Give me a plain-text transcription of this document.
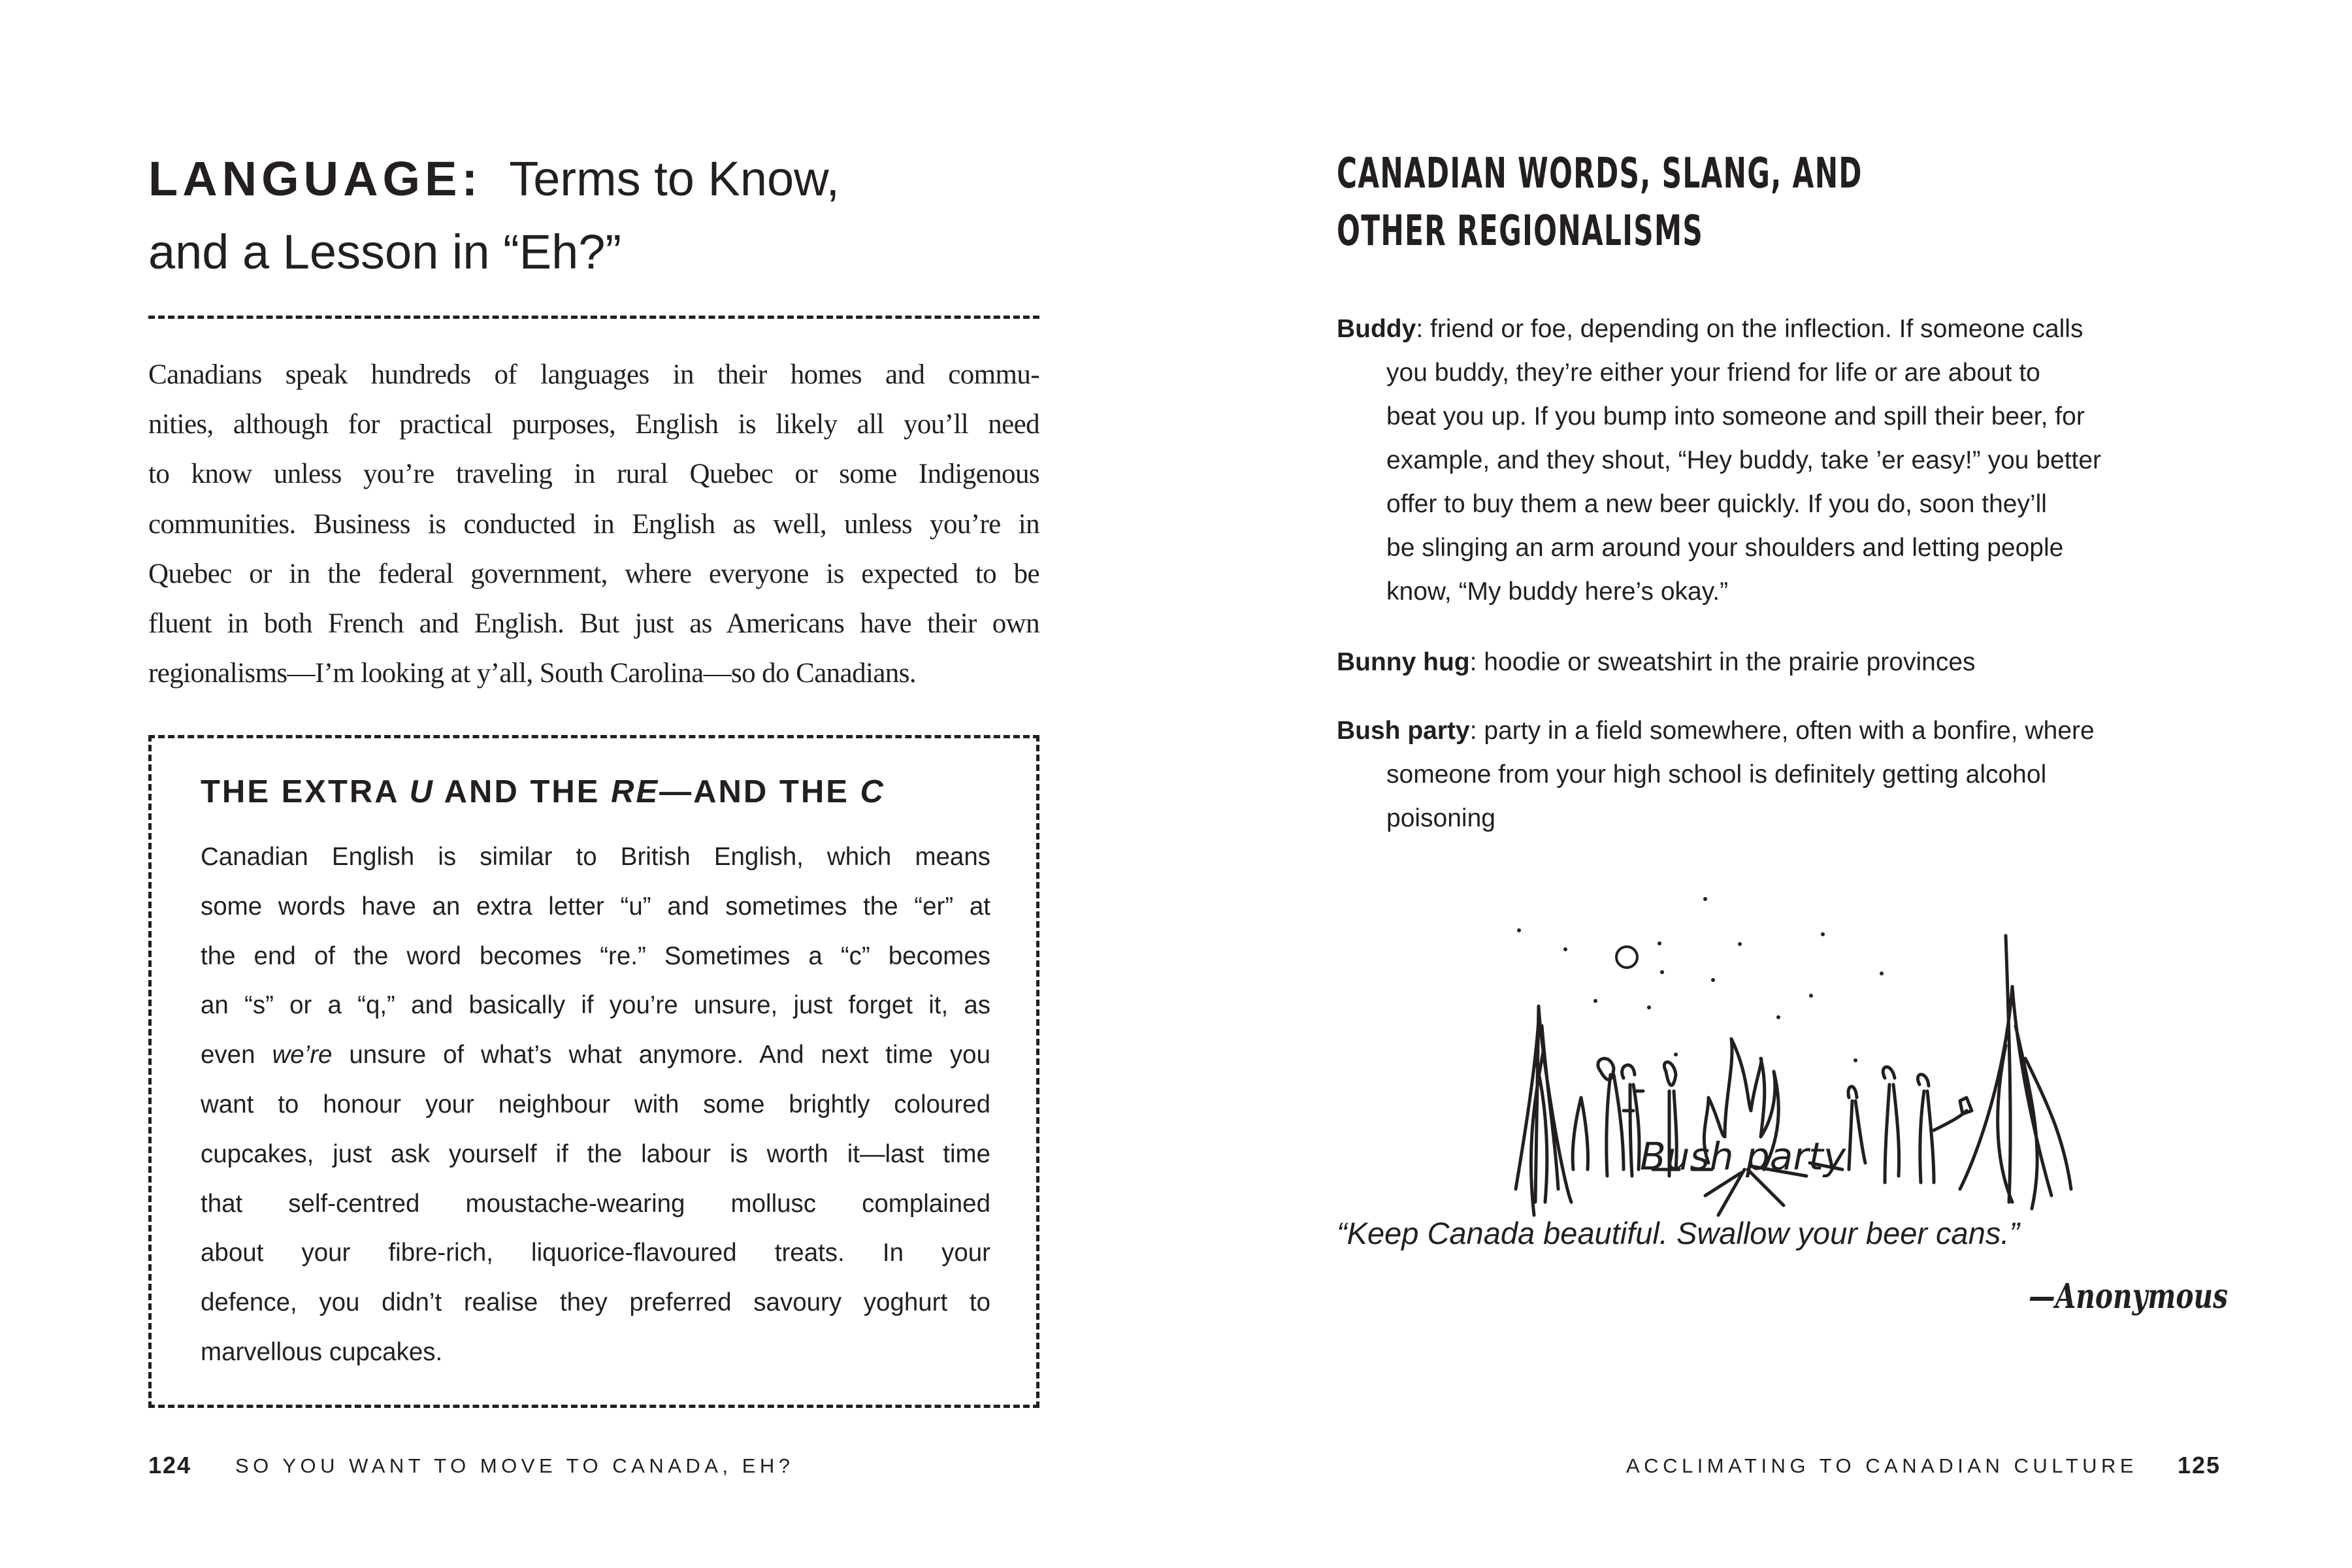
LANGUAGE: Terms to Know,
and a Lesson in “Eh?”
Canadians speak hundreds of languages in their homes and commu-
nities, although for practical purposes, English is likely all you’ll need
to know unless you’re traveling in rural Quebec or some Indigenous
communities. Business is conducted in English as well, unless you’re in
Quebec or in the federal government, where everyone is expected to be
fluent in both French and English. But just as Americans have their own
regionalisms—I’m looking at y’all, South Carolina—so do Canadians.
THE EXTRA U AND THE RE—AND THE C
Canadian English is similar to British English, which means
some words have an extra letter “u” and sometimes the “er” at
the end of the word becomes “re.” Sometimes a “c” becomes
an “s” or a “q,” and basically if you’re unsure, just forget it, as
even we’re unsure of what’s what anymore. And next time you
want to honour your neighbour with some brightly coloured
cupcakes, just ask yourself if the labour is worth it—last time
that self-centred moustache-wearing mollusc complained
about your fibre-rich, liquorice-flavoured treats. In your
defence, you didn’t realise they preferred savoury yoghurt to
marvellous cupcakes.
124 SO YOU WANT TO MOVE TO CANADA, EH?
CANADIAN WORDS, SLANG, AND
OTHER REGIONALISMS
Buddy: friend or foe, depending on the inflection. If someone calls
you buddy, they’re either your friend for life or are about to
beat you up. If you bump into someone and spill their beer, for
example, and they shout, “Hey buddy, take ’er easy!” you better
offer to buy them a new beer quickly. If you do, soon they’ll
be slinging an arm around your shoulders and letting people
know, “My buddy here’s okay.”
Bunny hug: hoodie or sweatshirt in the prairie provinces
Bush party: party in a field somewhere, often with a bonfire, where
someone from your high school is definitely getting alcohol
poisoning
Bush party
“Keep Canada beautiful. Swallow your beer cans.”
—Anonymous
ACCLIMATING TO CANADIAN CULTURE 125
